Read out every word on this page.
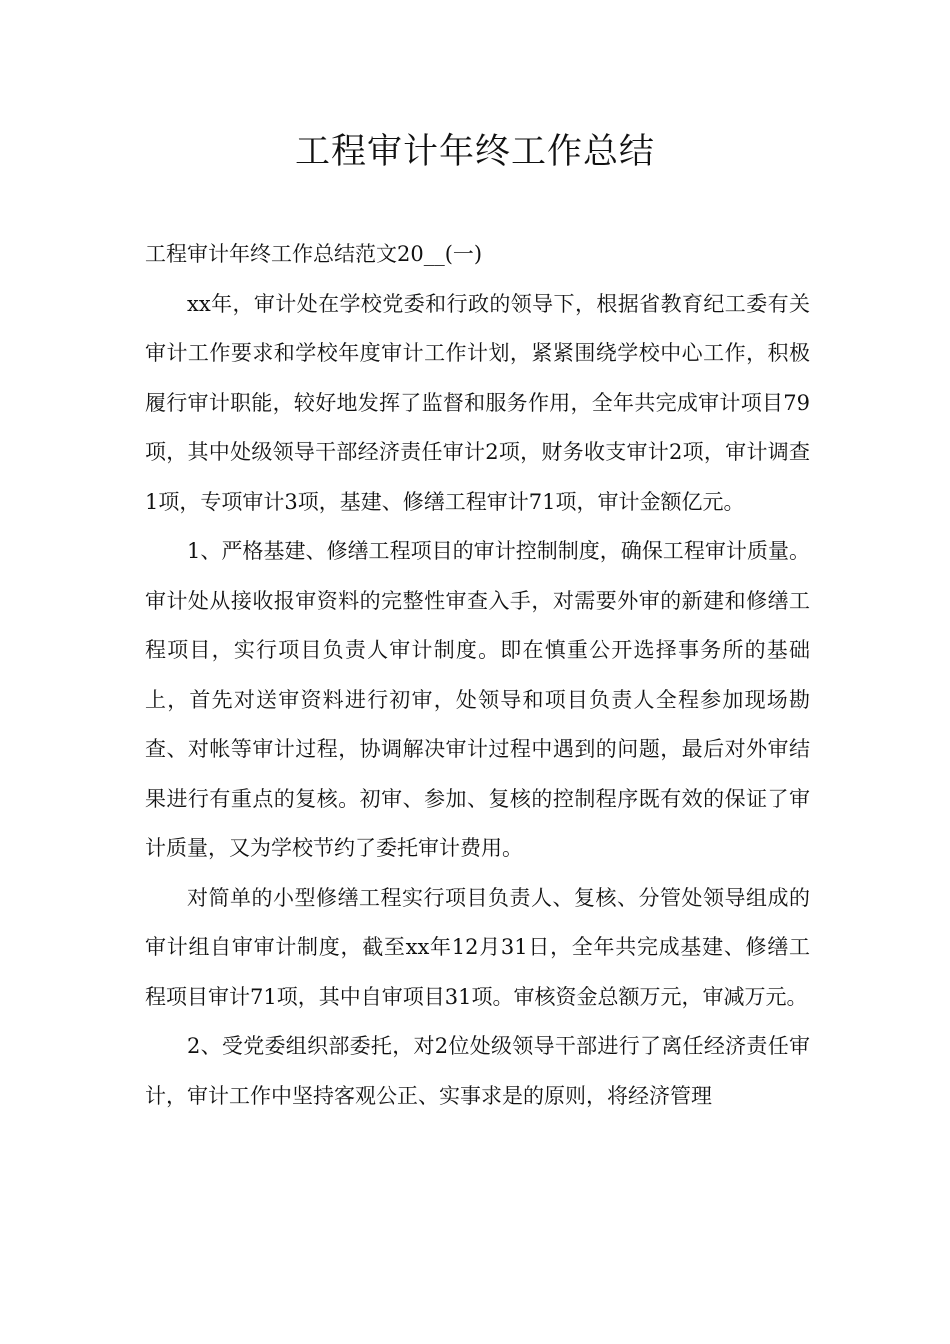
工程审计年终工作总结

工程审计年终工作总结范文20__(一)

xx年，审计处在学校党委和行政的领导下，根据省教育纪工委有关审计工作要求和学校年度审计工作计划，紧紧围绕学校中心工作，积极履行审计职能，较好地发挥了监督和服务作用，全年共完成审计项目79项，其中处级领导干部经济责任审计2项，财务收支审计2项，审计调查1项，专项审计3项，基建、修缮工程审计71项，审计金额亿元。

1、严格基建、修缮工程项目的审计控制制度，确保工程审计质量。审计处从接收报审资料的完整性审查入手，对需要外审的新建和修缮工程项目，实行项目负责人审计制度。即在慎重公开选择事务所的基础上，首先对送审资料进行初审，处领导和项目负责人全程参加现场勘查、对帐等审计过程，协调解决审计过程中遇到的问题，最后对外审结果进行有重点的复核。初审、参加、复核的控制程序既有效的保证了审计质量，又为学校节约了委托审计费用。

对简单的小型修缮工程实行项目负责人、复核、分管处领导组成的审计组自审审计制度，截至xx年12月31日，全年共完成基建、修缮工程项目审计71项，其中自审项目31项。审核资金总额万元，审减万元。

2、受党委组织部委托，对2位处级领导干部进行了离任经济责任审计，审计工作中坚持客观公正、实事求是的原则，将经济管理
